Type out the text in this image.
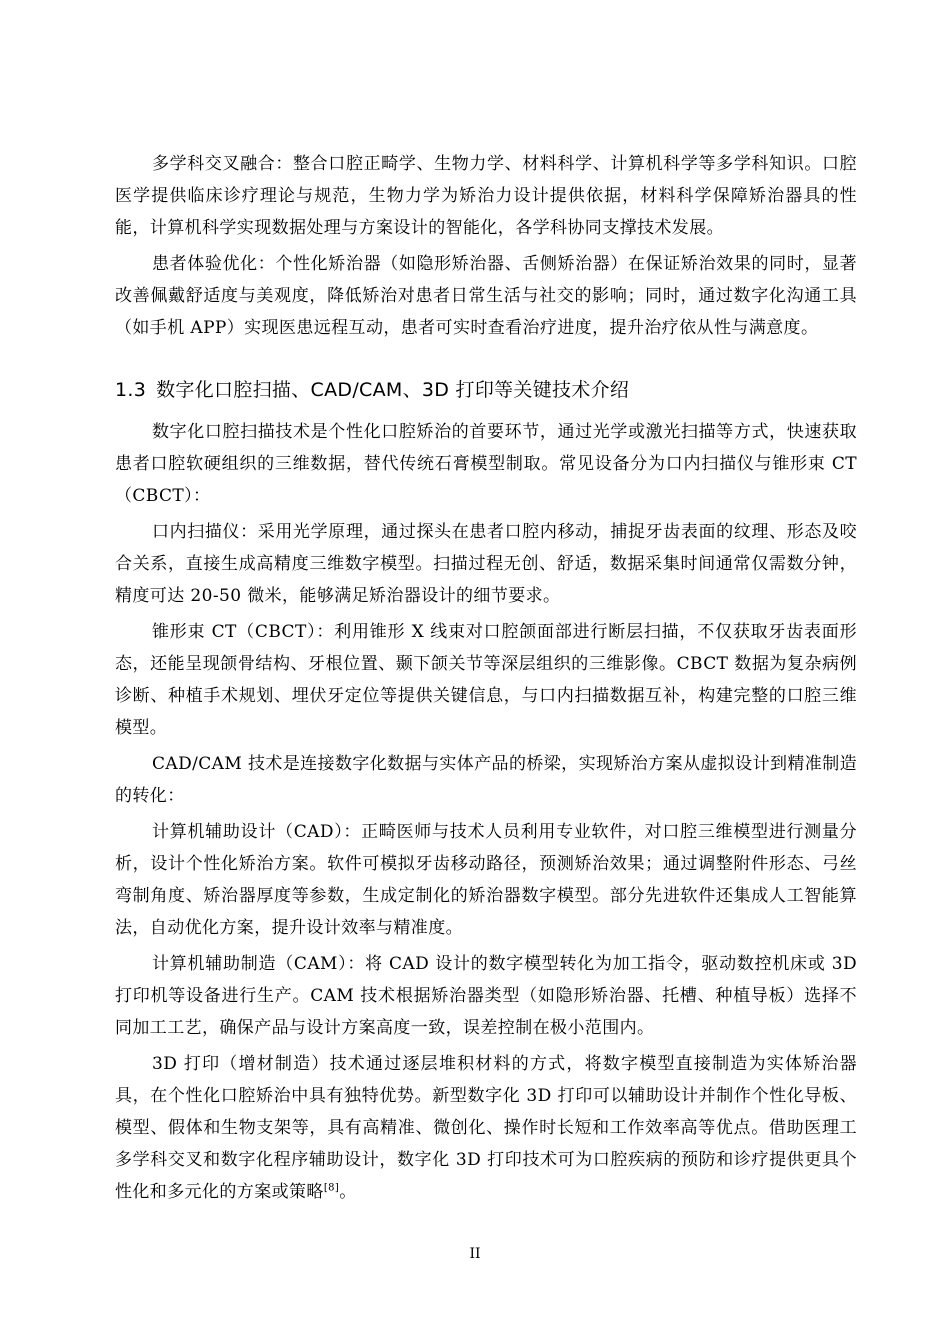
多学科交叉融合：整合口腔正畸学、生物力学、材料科学、计算机科学等多学科知识。口腔医学提供临床诊疗理论与规范，生物力学为矫治力设计提供依据，材料科学保障矫治器具的性能，计算机科学实现数据处理与方案设计的智能化，各学科协同支撑技术发展。

患者体验优化：个性化矫治器（如隐形矫治器、舌侧矫治器）在保证矫治效果的同时，显著改善佩戴舒适度与美观度，降低矫治对患者日常生活与社交的影响；同时，通过数字化沟通工具（如手机 APP）实现医患远程互动，患者可实时查看治疗进度，提升治疗依从性与满意度。

1.3 数字化口腔扫描、CAD/CAM、3D 打印等关键技术介绍

数字化口腔扫描技术是个性化口腔矫治的首要环节，通过光学或激光扫描等方式，快速获取患者口腔软硬组织的三维数据，替代传统石膏模型制取。常见设备分为口内扫描仪与锥形束 CT（CBCT）：

口内扫描仪：采用光学原理，通过探头在患者口腔内移动，捕捉牙齿表面的纹理、形态及咬合关系，直接生成高精度三维数字模型。扫描过程无创、舒适，数据采集时间通常仅需数分钟，精度可达 20-50 微米，能够满足矫治器设计的细节要求。

锥形束 CT（CBCT）：利用锥形 X 线束对口腔颌面部进行断层扫描，不仅获取牙齿表面形态，还能呈现颌骨结构、牙根位置、颞下颌关节等深层组织的三维影像。CBCT 数据为复杂病例诊断、种植手术规划、埋伏牙定位等提供关键信息，与口内扫描数据互补，构建完整的口腔三维模型。

CAD/CAM 技术是连接数字化数据与实体产品的桥梁，实现矫治方案从虚拟设计到精准制造的转化：

计算机辅助设计（CAD）：正畸医师与技术人员利用专业软件，对口腔三维模型进行测量分析，设计个性化矫治方案。软件可模拟牙齿移动路径，预测矫治效果；通过调整附件形态、弓丝弯制角度、矫治器厚度等参数，生成定制化的矫治器数字模型。部分先进软件还集成人工智能算法，自动优化方案，提升设计效率与精准度。

计算机辅助制造（CAM）：将 CAD 设计的数字模型转化为加工指令，驱动数控机床或 3D 打印机等设备进行生产。CAM 技术根据矫治器类型（如隐形矫治器、托槽、种植导板）选择不同加工工艺，确保产品与设计方案高度一致，误差控制在极小范围内。

3D 打印（增材制造）技术通过逐层堆积材料的方式，将数字模型直接制造为实体矫治器具，在个性化口腔矫治中具有独特优势。新型数字化 3D 打印可以辅助设计并制作个性化导板、模型、假体和生物支架等，具有高精准、微创化、操作时长短和工作效率高等优点。借助医理工多学科交叉和数字化程序辅助设计，数字化 3D 打印技术可为口腔疾病的预防和诊疗提供更具个性化和多元化的方案或策略[8]。

II
